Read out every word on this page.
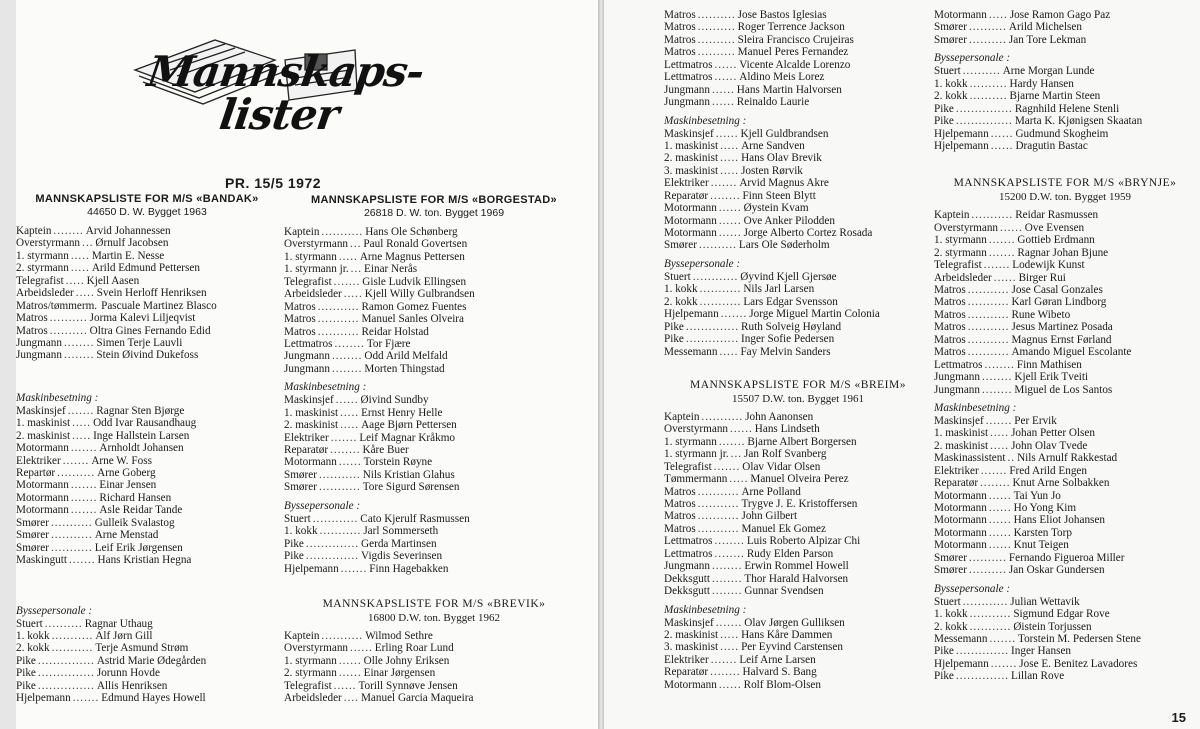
Mannskaps-
lister
PR. 15/5 1972
MANNSKAPSLISTE FOR M/S «BANDAK»
44650 D. W. Bygget 1963
Kaptein ........ Arvid Johannessen
Overstyrmann ... Ørnulf Jacobsen
1. styrmann ..... Martin E. Nesse
2. styrmann ..... Arild Edmund Pettersen
Telegrafist ..... Kjell Aasen
Arbeidsleder ..... Svein Herloff Henriksen
Matros/tømmerm. Pascuale Martinez Blasco
Matros .......... Jorma Kalevi Liljeqvist
Matros .......... Oltra Gines Fernando Edid
Jungmann ........ Simen Terje Lauvli
Jungmann ........ Stein Øivind Dukefoss
Maskinbesetning :
Maskinsjef ....... Ragnar Sten Bjørge
1. maskinist ..... Odd Ivar Rausandhaug
2. maskinist ..... Inge Hallstein Larsen
Motormann ....... Arnholdt Johansen
Elektriker ....... Arne W. Foss
Repartør .......... Arne Goberg
Motormann ....... Einar Jensen
Motormann ....... Richard Hansen
Motormann ....... Asle Reidar Tande
Smører ........... Gulleik Svalastog
Smører ........... Arne Menstad
Smører ........... Leif Erik Jørgensen
Maskingutt ....... Hans Kristian Hegna
Byssepersonale :
Stuert .......... Ragnar Uthaug
1. kokk ........... Alf Jørn Gill
2. kokk ........... Terje Asmund Strøm
Pike ............... Astrid Marie Ødegården
Pike ............... Jorunn Hovde
Pike ............... Allis Henriksen
Hjelpemann ....... Edmund Hayes Howell
MANNSKAPSLISTE FOR M/S «BORGESTAD»
26818 D. W. ton. Bygget 1969
Kaptein ........... Hans Ole Schønberg
Overstyrmann ... Paul Ronald Govertsen
1. styrmann ..... Arne Magnus Pettersen
1. styrmann jr. ... Einar Nerås
Telegrafist ....... Gisle Ludvik Ellingsen
Arbeidsleder ..... Kjell Willy Gulbrandsen
Matros ........... Ramon Gomez Fuentes
Matros ........... Manuel Sanles Olveira
Matros ........... Reidar Holstad
Lettmatros ........ Tor Fjære
Jungmann ........ Odd Arild Melfald
Jungmann ........ Morten Thingstad
Maskinbesetning :
Maskinsjef ...... Øivind Sundby
1. maskinist ..... Ernst Henry Helle
2. maskinist ..... Aage Bjørn Pettersen
Elektriker ....... Leif Magnar Kråkmo
Reparatør ........ Kåre Buer
Motormann ...... Torstein Røyne
Smører ........... Nils Kristian Glahus
Smører ........... Tore Sigurd Sørensen
Byssepersonale :
Stuert ............ Cato Kjerulf Rasmussen
1. kokk ........... Jarl Sommerseth
Pike .............. Gerda Martinsen
Pike .............. Vigdis Severinsen
Hjelpemann ....... Finn Hagebakken
MANNSKAPSLISTE FOR M/S «BREVIK»
16800 D.W. ton. Bygget 1962
Kaptein ........... Wilmod Sethre
Overstyrmann ...... Erling Roar Lund
1. styrmann ...... Olle Johny Eriksen
2. styrmann ...... Einar Jørgensen
Telegrafist ...... Torill Synnøve Jensen
Arbeidsleder .... Manuel Garcia Maqueira
Matros .......... Jose Bastos Iglesias
Matros .......... Roger Terrence Jackson
Matros .......... Sleira Francisco Crujeiras
Matros .......... Manuel Peres Fernandez
Lettmatros ...... Vicente Alcalde Lorenzo
Lettmatros ...... Aldino Meis Lorez
Jungmann ...... Hans Martin Halvorsen
Jungmann ...... Reinaldo Laurie
Maskinbesetning :
Maskinsjef ...... Kjell Guldbrandsen
1. maskinist ..... Arne Sandven
2. maskinist ..... Hans Olav Brevik
3. maskinist ..... Josten Rørvik
Elektriker ....... Arvid Magnus Akre
Reparatør ........ Finn Steen Blytt
Motormann ...... Øystein Kvam
Motormann ...... Ove Anker Pilodden
Motormann ...... Jorge Alberto Cortez Rosada
Smører .......... Lars Ole Søderholm
Byssepersonale :
Stuert ............ Øyvind Kjell Gjersøe
1. kokk ........... Nils Jarl Larsen
2. kokk ........... Lars Edgar Svensson
Hjelpemann ....... Jorge Miguel Martin Colonia
Pike .............. Ruth Solveig Høyland
Pike .............. Inger Sofie Pedersen
Messemann ..... Fay Melvin Sanders
MANNSKAPSLISTE FOR M/S «BREIM»
15507 D.W. ton. Bygget 1961
Kaptein ........... John Aanonsen
Overstyrmann ...... Hans Lindseth
1. styrmann ....... Bjarne Albert Borgersen
1. styrmann jr. ... Jan Rolf Svanberg
Telegrafist ....... Olav Vidar Olsen
Tømmermann ..... Manuel Olveira Perez
Matros ........... Arne Polland
Matros ........... Trygve J. E. Kristoffersen
Matros ........... John Gilbert
Matros ........... Manuel Ek Gomez
Lettmatros ........ Luis Roberto Alpizar Chi
Lettmatros ........ Rudy Elden Parson
Jungmann ........ Erwin Rommel Howell
Dekksgutt ........ Thor Harald Halvorsen
Dekksgutt ........ Gunnar Svendsen
Maskinbesetning :
Maskinsjef ....... Olav Jørgen Gulliksen
2. maskinist ..... Hans Kåre Dammen
3. maskinist ..... Per Eyvind Carstensen
Elektriker ....... Leif Arne Larsen
Reparatør ........ Halvard S. Bang
Motormann ...... Rolf Blom-Olsen
Motormann ..... Jose Ramon Gago Paz
Smører .......... Arild Michelsen
Smører .......... Jan Tore Lekman
Byssepersonale :
Stuert .......... Arne Morgan Lunde
1. kokk .......... Hardy Hansen
2. kokk .......... Bjarne Martin Steen
Pike ............... Ragnhild Helene Stenli
Pike ............... Marta K. Kjønigsen Skaatan
Hjelpemann ...... Gudmund Skogheim
Hjelpemann ...... Dragutin Bastac
MANNSKAPSLISTE FOR M/S «BRYNJE»
15200 D.W. ton. Bygget 1959
Kaptein ........... Reidar Rasmussen
Overstyrmann ...... Ove Evensen
1. styrmann ....... Gottieb Erdmann
2. styrmann ....... Ragnar Johan Bjune
Telegrafist ....... Lodewijk Kunst
Arbeidsleder ...... Birger Rui
Matros ........... Jose Casal Gonzales
Matros ........... Karl Gøran Lindborg
Matros ........... Rune Wibeto
Matros ........... Jesus Martinez Posada
Matros ........... Magnus Ernst Førland
Matros ........... Amando Miguel Escolante
Lettmatros ........ Finn Mathisen
Jungmann ........ Kjell Erik Tveiti
Jungmann ........ Miguel de Los Santos
Maskinbesetning :
Maskinsjef ....... Per Ervik
1. maskinist ..... Johan Petter Olsen
2. maskinist ..... John Olav Tvede
Maskinassistent .. Nils Arnulf Rakkestad
Elektriker ....... Fred Arild Engen
Reparatør ........ Knut Arne Solbakken
Motormann ...... Tai Yun Jo
Motormann ...... Ho Yong Kim
Motormann ...... Hans Eliot Johansen
Motormann ...... Karsten Torp
Motormann ...... Knut Teigen
Smører .......... Fernando Figueroa Miller
Smører .......... Jan Oskar Gundersen
Byssepersonale :
Stuert ............ Julian Wettavik
1. kokk ........... Sigmund Edgar Rove
2. kokk ........... Øistein Torjussen
Messemann ....... Torstein M. Pedersen Stene
Pike .............. Inger Hansen
Hjelpemann ....... Jose E. Benitez Lavadores
Pike .............. Lillan Rove
15
